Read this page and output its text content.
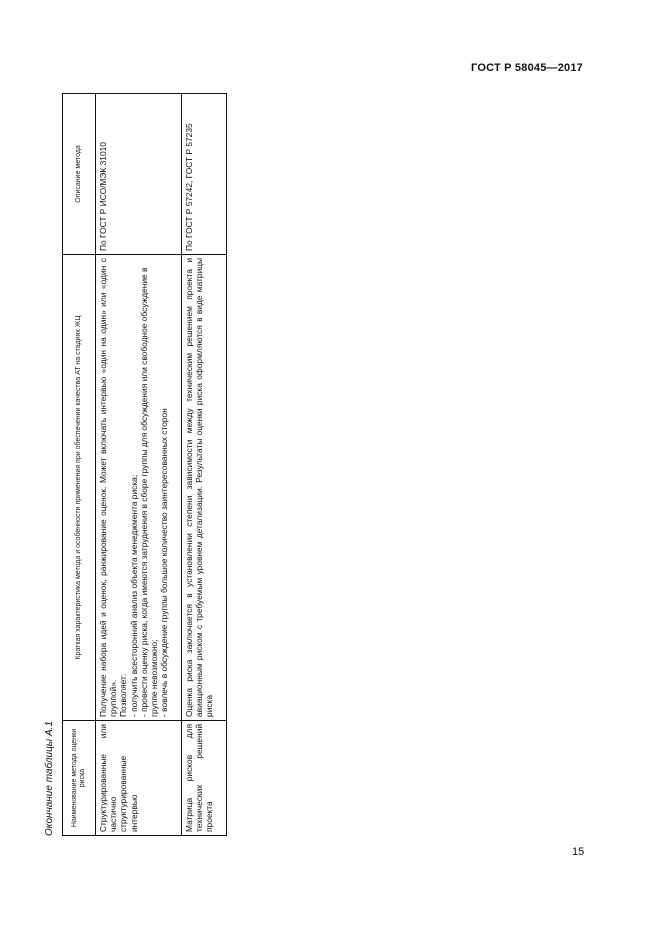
ГОСТ Р 58045—2017
Окончание таблицы А.1 Наименование метода оценки риска	Краткая характеристика метода и особенности применения при обеспечении качества АТ на стадиях ЖЦ	Описание метода
Структурированные или частично структурированные интервью	Получение набора идей и оценок, ранжирование оценок. Может включать интервью «один на один» или «один с группой». Позволяет: - получить всесторонний анализ объекта менеджмента риска; - провести оценку риска, когда имеются затруднения в сборе группы для обсуждения или свободное обсуждение в группе невозможно; - вовлечь в обсуждение группы большое количество заинтересованных сторон	По ГОСТ Р ИСО/МЭК 31010
Матрица рисков для технических решений проекта	Оценка риска заключается в установлении степени зависимости между техническим решением проекта и авиационным риском с требуемым уровнем детализации. Результаты оценки риска оформляются в виде матрицы риска	По ГОСТ Р 57242, ГОСТ Р 57235
15
